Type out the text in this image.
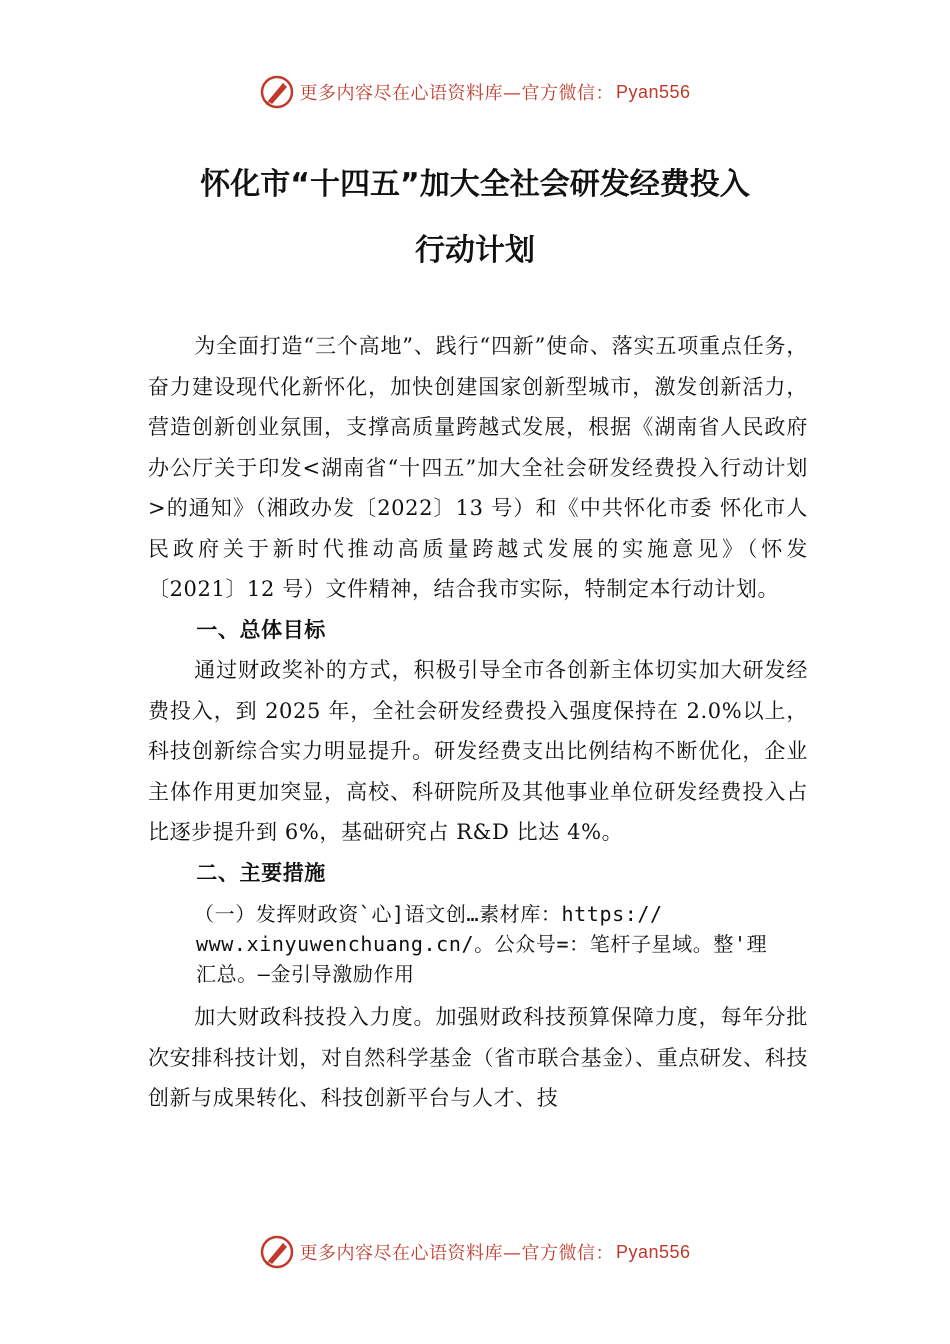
更多内容尽在心语资料库—官方微信： Pyan556
怀化市“十四五”加大全社会研发经费投入
行动计划

为全面打造“三个高地”、践行“四新”使命、落实五项重点任务，奋力建设现代化新怀化，加快创建国家创新型城市，激发创新活力，营造创新创业氛围，支撑高质量跨越式发展，根据《湖南省人民政府办公厅关于印发<湖南省“十四五”加大全社会研发经费投入行动计划>的通知》（湘政办发〔2022〕13 号）和《中共怀化市委 怀化市人民政府关于新时代推动高质量跨越式发展的实施意见》（怀发〔2021〕12 号）文件精神，结合我市实际，特制定本行动计划。

一、总体目标

通过财政奖补的方式，积极引导全市各创新主体切实加大研发经费投入，到 2025 年，全社会研发经费投入强度保持在 2.0%以上，科技创新综合实力明显提升。研发经费支出比例结构不断优化，企业主体作用更加突显，高校、科研院所及其他事业单位研发经费投入占比逐步提升到 6%，基础研究占 R&D 比达 4%。

二、主要措施

（一）发挥财政资`心]语文创…素材库：https://
www.xinyuwenchuang.cn/。公众号=：笔杆子星域。整'理
汇总。—金引导激励作用

加大财政科技投入力度。加强财政科技预算保障力度，每年分批次安排科技计划，对自然科学基金（省市联合基金）、重点研发、科技创新与成果转化、科技创新平台与人才、技

更多内容尽在心语资料库—官方微信： Pyan556
